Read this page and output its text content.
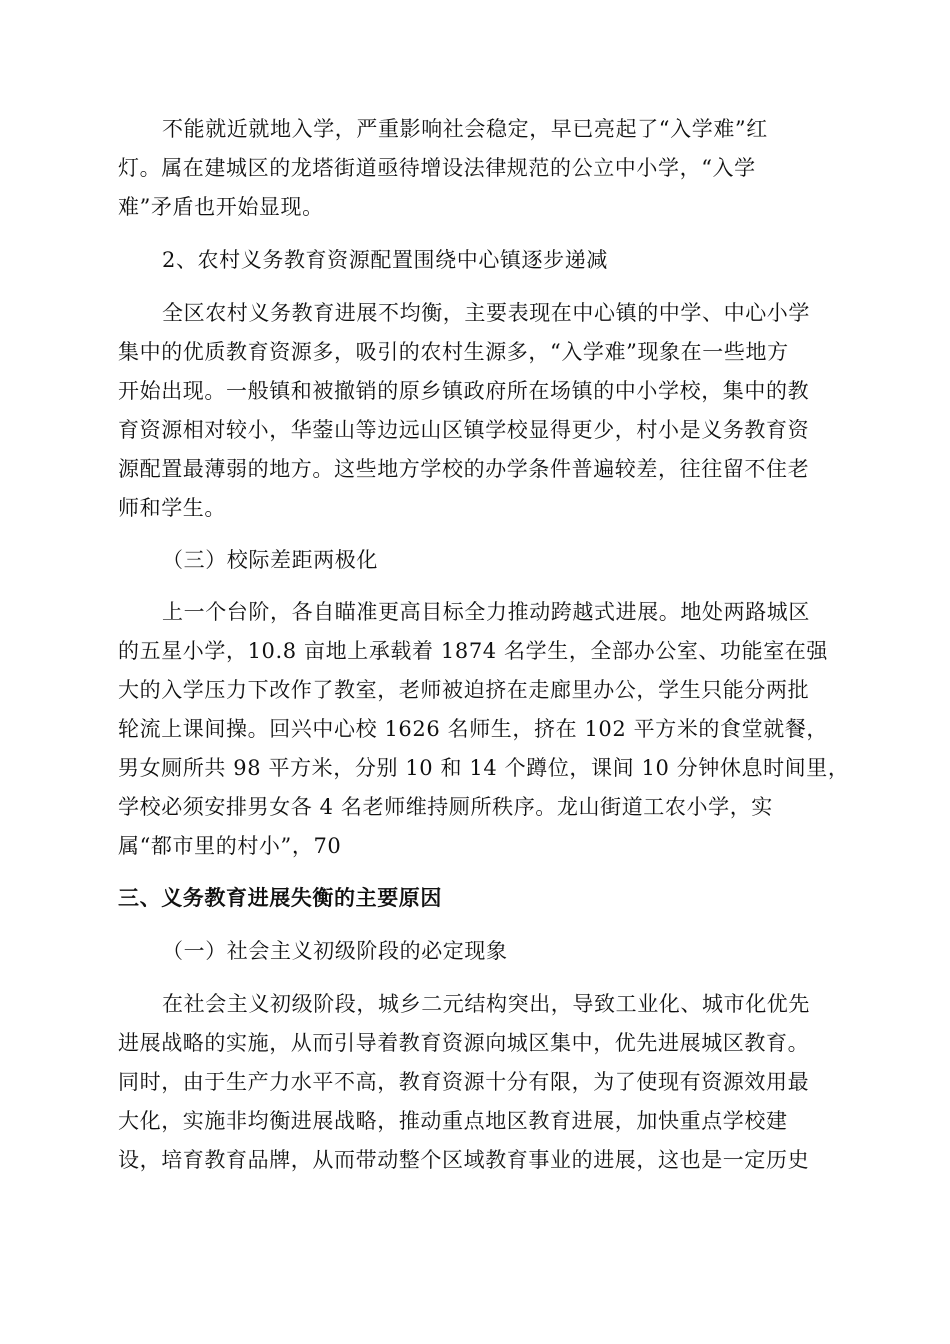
不能就近就地入学，严重影响社会稳定，早已亮起了“入学难”红
灯。属在建城区的龙塔街道亟待增设法律规范的公立中小学，“入学
难”矛盾也开始显现。
2、农村义务教育资源配置围绕中心镇逐步递减
全区农村义务教育进展不均衡，主要表现在中心镇的中学、中心小学
集中的优质教育资源多，吸引的农村生源多，“入学难”现象在一些地方
开始出现。一般镇和被撤销的原乡镇政府所在场镇的中小学校，集中的教
育资源相对较小，华蓥山等边远山区镇学校显得更少，村小是义务教育资
源配置最薄弱的地方。这些地方学校的办学条件普遍较差，往往留不住老
师和学生。
（三）校际差距两极化
上一个台阶，各自瞄准更高目标全力推动跨越式进展。地处两路城区
的五星小学，10.8 亩地上承载着 1874 名学生，全部办公室、功能室在强
大的入学压力下改作了教室，老师被迫挤在走廊里办公，学生只能分两批
轮流上课间操。回兴中心校 1626 名师生，挤在 102 平方米的食堂就餐，
男女厕所共 98 平方米，分别 10 和 14 个蹲位，课间 10 分钟休息时间里，
学校必须安排男女各 4 名老师维持厕所秩序。龙山街道工农小学，实
属“都市里的村小”，70
三、义务教育进展失衡的主要原因
（一）社会主义初级阶段的必定现象
在社会主义初级阶段，城乡二元结构突出，导致工业化、城市化优先
进展战略的实施，从而引导着教育资源向城区集中，优先进展城区教育。
同时，由于生产力水平不高，教育资源十分有限，为了使现有资源效用最
大化，实施非均衡进展战略，推动重点地区教育进展，加快重点学校建
设，培育教育品牌，从而带动整个区域教育事业的进展，这也是一定历史
